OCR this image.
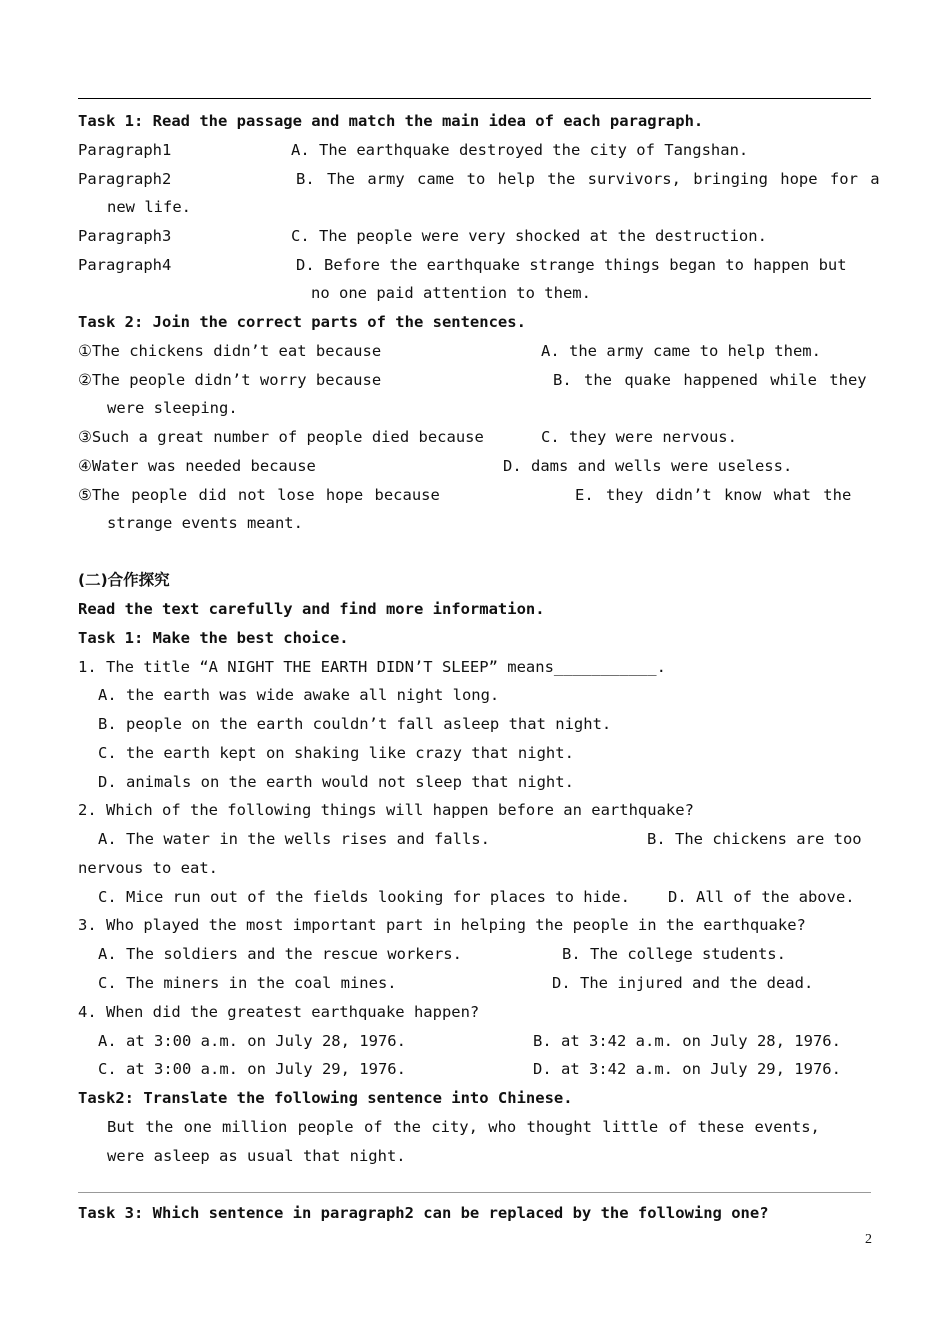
Task 1: Read the passage and match the main idea of each paragraph.
Paragraph1	A. The earthquake destroyed the city of Tangshan.
Paragraph2	B. The army came to help the survivors, bringing hope for a
new life.
Paragraph3	C. The people were very shocked at the destruction.
Paragraph4	D. Before the earthquake strange things began to happen but
no one paid attention to them.
Task 2: Join the correct parts of the sentences.
①The chickens didn’t eat because	A. the army came to help them.
②The people didn’t worry because	B. the quake happened while they
were sleeping.
③Such a great number of people died because	C. they were nervous.
④Water was needed because	D. dams and wells were useless.
⑤The people did not lose hope because	E. they didn’t know what the
strange events meant.
(二)合作探究
Read the text carefully and find more information.
Task 1: Make the best choice.
1. The title “A NIGHT THE EARTH DIDN’T SLEEP” means___________.
A. the earth was wide awake all night long.
B. people on the earth couldn’t fall asleep that night.
C. the earth kept on shaking like crazy that night.
D. animals on the earth would not sleep that night.
2. Which of the following things will happen before an earthquake?
A. The water in the wells rises and falls.	B. The chickens are too
nervous to eat.
C. Mice run out of the fields looking for places to hide. D. All of the above.
3. Who played the most important part in helping the people in the earthquake?
A. The soldiers and the rescue workers.	B. The college students.
C. The miners in the coal mines.	D. The injured and the dead.
4. When did the greatest earthquake happen?
A. at 3:00 a.m. on July 28, 1976.	B. at 3:42 a.m. on July 28, 1976.
C. at 3:00 a.m. on July 29, 1976.	D. at 3:42 a.m. on July 29, 1976.
Task2: Translate the following sentence into Chinese.
But the one million people of the city, who thought little of these events,
were asleep as usual that night.
Task 3: Which sentence in paragraph2 can be replaced by the following one?
2
